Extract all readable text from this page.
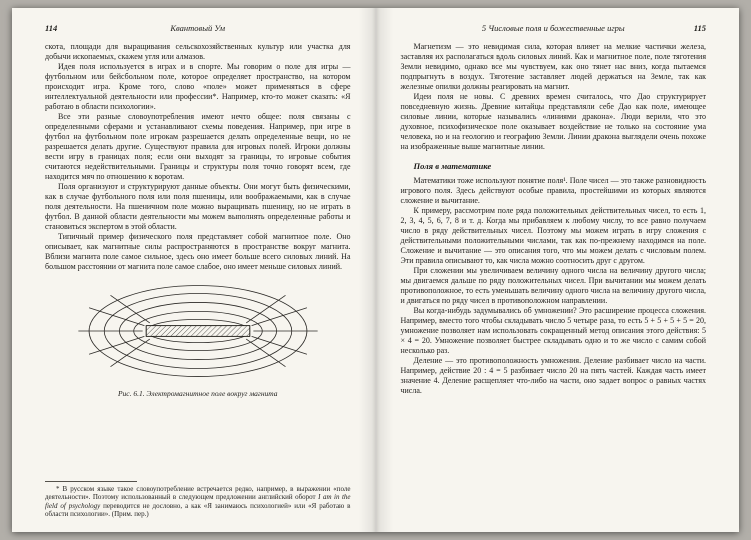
114	Квантовый Ум

скота, площади для выращивания сельскохозяйственных культур или участка для добычи ископаемых, скажем угля или алмазов.

Идея поля используется в играх и в спорте. Мы говорим о поле для игры — футбольном или бейсбольном поле, которое определяет пространство, на котором происходит игра. Кроме того, слово «поле» может применяться в сфере интеллектуальной деятельности или профессии*. Например, кто-то может сказать: «Я работаю в области психологии».

Все эти разные словоупотребления имеют нечто общее: поля связаны с определенными сферами и устанавливают схемы поведения. Например, при игре в футбол на футбольном поле игрокам разрешается делать определенные вещи, но не разрешается делать другие. Существуют правила для игровых полей. Игроки должны вести игру в границах поля; если они выходят за границы, то игровые события считаются недействительными. Границы и структуры поля точно говорят всем, где находится мяч по отношению к воротам.

Поля организуют и структурируют данные объекты. Они могут быть физическими, как в случае футбольного поля или поля пшеницы, или воображаемыми, как в случае поля деятельности. На пшеничном поле можно выращивать пшеницу, но не играть в футбол. В данной области деятельности мы можем выполнять определенные работы и становиться экспертом в этой области.

Типичный пример физического поля представляет собой магнитное поле. Оно описывает, как магнитные силы распространяются в пространстве вокруг магнита. Вблизи магнита поле самое сильное, здесь оно имеет больше всего силовых линий. На большом расстоянии от магнита поле самое слабое, оно имеет меньше силовых линий.

Рис. 6.1. Электромагнитное поле вокруг магнита

* В русском языке такое словоупотребление встречается редко, например, в выражении «поле деятельности». Поэтому использованный в следующем предложении английский оборот I am in the field of psychology переводится не дословно, а как «Я занимаюсь психологией» или «Я работаю в области психологии». (Прим. пер.)

5 Числовые поля и божественные игры	115

Магнетизм — это невидимая сила, которая влияет на мелкие частички железа, заставляя их располагаться вдоль силовых линий. Как и магнитное поле, поле тяготения Земли невидимо, однако все мы чувствуем, как оно тянет нас вниз, когда пытаемся подпрыгнуть в воздух. Тяготение заставляет людей держаться на Земле, так как железные опилки должны реагировать на магнит.

Идеи поля не новы. С древних времен считалось, что Дао структурирует повседневную жизнь. Древние китайцы представляли себе Дао как поле, имеющее силовые линии, которые назывались «линиями дракона». Люди верили, что это духовное, психофизическое поле оказывает воздействие не только на состояние ума человека, но и на геологию и географию Земли. Линии дракона выглядели очень похоже на изображенные выше магнитные линии.

Поля в математике

Математики тоже используют понятие поля¹. Поле чисел — это также разновидность игрового поля. Здесь действуют особые правила, простейшими из которых являются сложение и вычитание.

К примеру, рассмотрим поле ряда положительных действительных чисел, то есть 1, 2, 3, 4, 5, 6, 7, 8 и т. д. Когда мы прибавляем к любому числу, то все равно получаем число в ряду действительных чисел. Поэтому мы можем играть в игру сложения с действительными положительными числами, так как по-прежнему находимся на поле. Сложение и вычитание — это описания того, что мы можем делать с числовым полем. Эти правила описывают то, как числа можно соотносить друг с другом.

При сложении мы увеличиваем величину одного числа на величину другого числа; мы двигаемся дальше по ряду положительных чисел. При вычитании мы можем делать противоположное, то есть уменьшать величину одного числа на величину другого числа, и двигаться по ряду чисел в противоположном направлении.

Вы когда-нибудь задумывались об умножении? Это расширение процесса сложения. Например, вместо того чтобы складывать число 5 четыре раза, то есть 5 + 5 + 5 + 5 = 20, умножение позволяет нам использовать сокращенный метод описания этого действия: 5 × 4 = 20. Умножение позволяет быстрее складывать одно и то же число с самим собой несколько раз.

Деление — это противоположность умножения. Деление разбивает число на части. Например, действие 20 : 4 = 5 разбивает число 20 на пять частей. Каждая часть имеет значение 4. Деление расщепляет что-либо на части, оно задает вопрос о равных частях числа.
